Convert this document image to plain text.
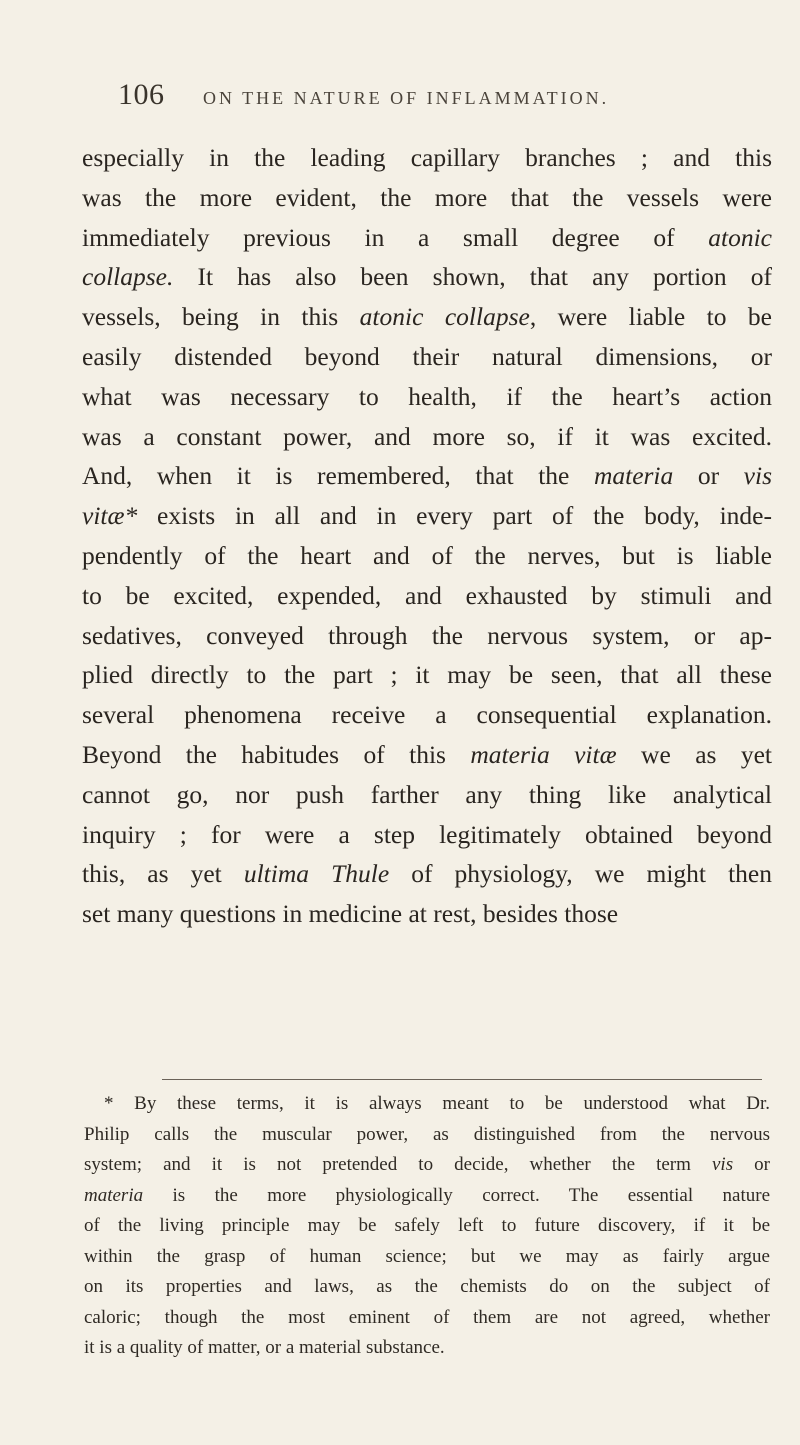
106 ON THE NATURE OF INFLAMMATION.
especially in the leading capillary branches ; and this
was the more evident, the more that the vessels were
immediately previous in a small degree of atonic
collapse. It has also been shown, that any portion of
vessels, being in this atonic collapse, were liable to be
easily distended beyond their natural dimensions, or
what was necessary to health, if the heart’s action
was a constant power, and more so, if it was excited.
And, when it is remembered, that the materia or vis
vitæ* exists in all and in every part of the body, inde-
pendently of the heart and of the nerves, but is liable
to be excited, expended, and exhausted by stimuli and
sedatives, conveyed through the nervous system, or ap-
plied directly to the part ; it may be seen, that all these
several phenomena receive a consequential explanation.
Beyond the habitudes of this materia vitæ we as yet
cannot go, nor push farther any thing like analytical
inquiry ; for were a step legitimately obtained beyond
this, as yet ultima Thule of physiology, we might then
set many questions in medicine at rest, besides those
* By these terms, it is always meant to be understood what Dr.
Philip calls the muscular power, as distinguished from the nervous
system; and it is not pretended to decide, whether the term vis or
materia is the more physiologically correct. The essential nature
of the living principle may be safely left to future discovery, if it be
within the grasp of human science; but we may as fairly argue
on its properties and laws, as the chemists do on the subject of
caloric; though the most eminent of them are not agreed, whether
it is a quality of matter, or a material substance.
